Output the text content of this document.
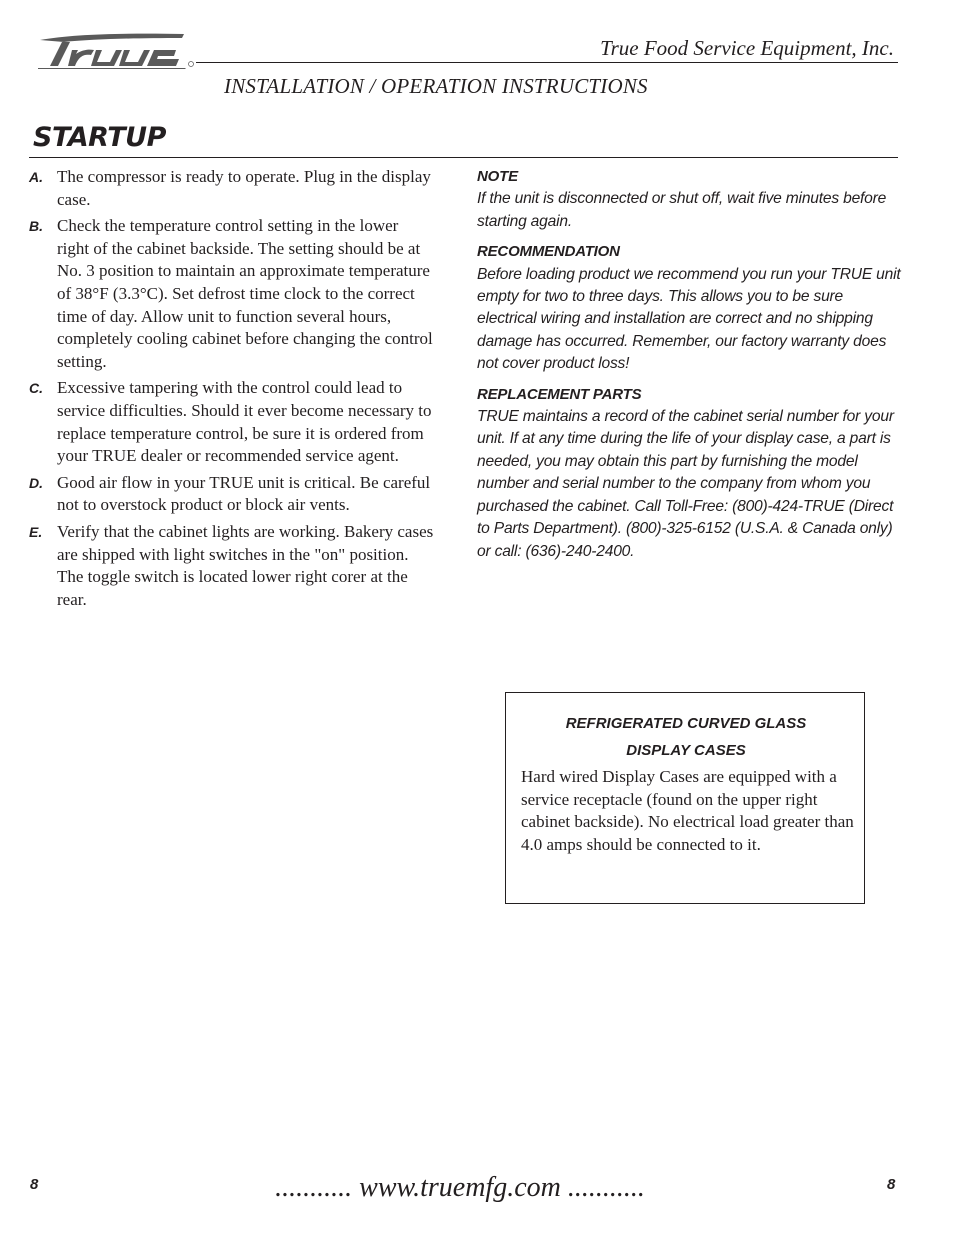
True Food Service Equipment, Inc.
INSTALLATION / OPERATION INSTRUCTIONS
STARTUP
A. The compressor is ready to operate. Plug in the display case.
B. Check the temperature control setting in the lower right of the cabinet backside. The setting should be at No. 3 position to maintain an approximate temperature of 38°F (3.3°C). Set defrost time clock to the correct time of day. Allow unit to function several hours, completely cooling cabinet before changing the control setting.
C. Excessive tampering with the control could lead to service difficulties. Should it ever become necessary to replace temperature control, be sure it is ordered from your TRUE dealer or recommended service agent.
D. Good air flow in your TRUE unit is critical. Be careful not to overstock product or block air vents.
E. Verify that the cabinet lights are working. Bakery cases are shipped with light switches in the "on" position. The toggle switch is located lower right corer at the rear.
NOTE
If the unit is disconnected or shut off, wait five minutes before starting again.
RECOMMENDATION
Before loading product we recommend you run your TRUE unit empty for two to three days. This allows you to be sure electrical wiring and installation are correct and no shipping damage has occurred. Remember, our factory warranty does not cover product loss!
REPLACEMENT PARTS
TRUE maintains a record of the cabinet serial number for your unit. If at any time during the life of your display case, a part is needed, you may obtain this part by furnishing the model number and serial number to the company from whom you purchased the cabinet. Call Toll-Free: (800)-424-TRUE (Direct to Parts Department). (800)-325-6152 (U.S.A. & Canada only) or call: (636)-240-2400.
REFRIGERATED CURVED GLASS
DISPLAY CASES
Hard wired Display Cases are equipped with a service receptacle (found on the upper right cabinet backside). No electrical load greater than 4.0 amps should be connected to it.
8	........... www.truemfg.com ...........	8
